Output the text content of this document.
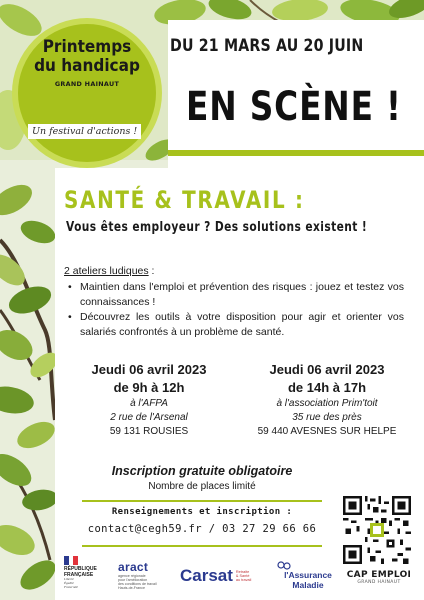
Printemps
du handicap
GRAND HAINAUT
Un festival d'actions !
DU 21 MARS AU 20 JUIN
EN SCÈNE !
SANTÉ & TRAVAIL :
Vous êtes employeur ? Des solutions existent !
2 ateliers ludiques :
• Maintien dans l'emploi et prévention des risques : jouez et testez vos connaissances !
• Découvrez les outils à votre disposition pour agir et orienter vos salariés confrontés à un problème de santé.
Jeudi 06 avril 2023
de 9h à 12h
à l'AFPA
2 rue de l'Arsenal
59 131 ROUSIES
Jeudi 06 avril 2023
de 14h à 17h
à l'association Prim'toit
35 rue des près
59 440 AVESNES SUR HELPE
Inscription gratuite obligatoire
Nombre de places limité
Renseignements et inscription :
contact@cegh59.fr / 03 27 29 66 66
CAP EMPLOI
GRAND HAINAUT
RÉPUBLIQUE
FRANÇAISE
Liberté
Égalité
Fraternité
aract
agence régionale
pour l'amélioration
des conditions de travail
Hauts-de-France
Carsat Retraite
& Santé
au travail
l'Assurance
Maladie
